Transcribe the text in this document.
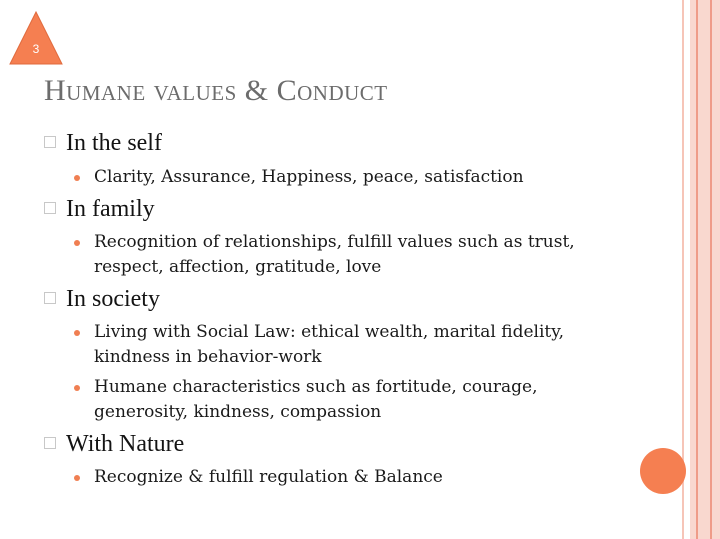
3
Humane values & Conduct
In the self
Clarity, Assurance, Happiness, peace, satisfaction
In family
Recognition of relationships, fulfill values such as trust, respect, affection, gratitude, love
In society
Living with Social Law: ethical wealth, marital fidelity, kindness in behavior-work
Humane characteristics such as fortitude, courage, generosity, kindness, compassion
With Nature
Recognize & fulfill regulation & Balance
